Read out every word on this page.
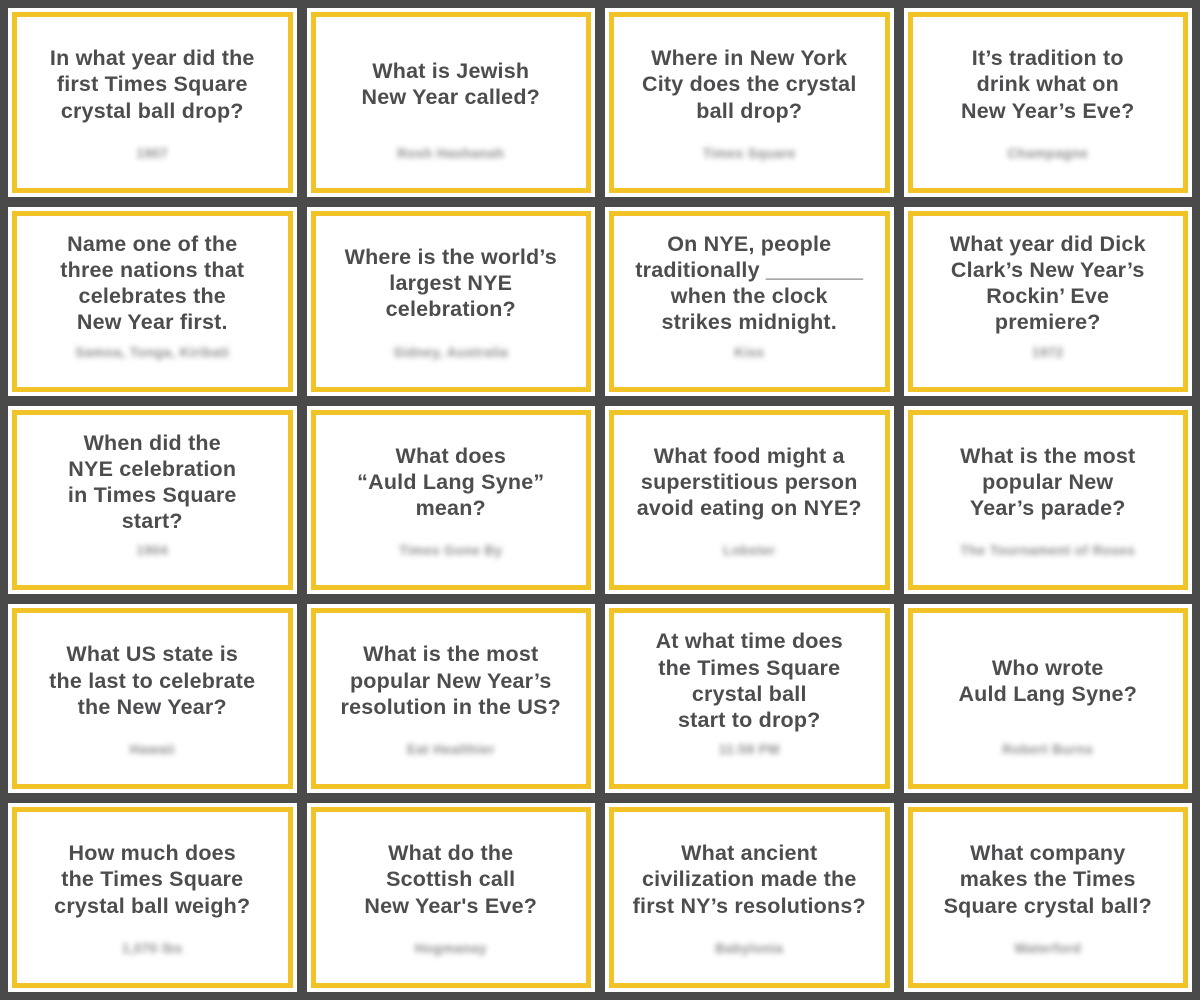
In what year did the
first Times Square
crystal ball drop?
1907
What is Jewish
New Year called?
Rosh Hashanah
Where in New York
City does the crystal
ball drop?
Times Square
It’s tradition to
drink what on
New Year’s Eve?
Champagne
Name one of the
three nations that
celebrates the
New Year first.
Samoa, Tonga, Kiribati
Where is the world’s
largest NYE
celebration?
Sidney, Australia
On NYE, people
traditionally ________
when the clock
strikes midnight.
Kiss
What year did Dick
Clark’s New Year’s
Rockin’ Eve
premiere?
1972
When did the
NYE celebration
in Times Square
start?
1904
What does
“Auld Lang Syne”
mean?
Times Gone By
What food might a
superstitious person
avoid eating on NYE?
Lobster
What is the most
popular New
Year’s parade?
The Tournament of Roses
What US state is
the last to celebrate
the New Year?
Hawaii
What is the most
popular New Year’s
resolution in the US?
Eat Healthier
At what time does
the Times Square
crystal ball
start to drop?
11:59 PM
Who wrote
Auld Lang Syne?
Robert Burns
How much does
the Times Square
crystal ball weigh?
1,070 lbs
What do the
Scottish call
New Year's Eve?
Hogmanay
What ancient
civilization made the
first NY’s resolutions?
Babylonia
What company
makes the Times
Square crystal ball?
Waterford
